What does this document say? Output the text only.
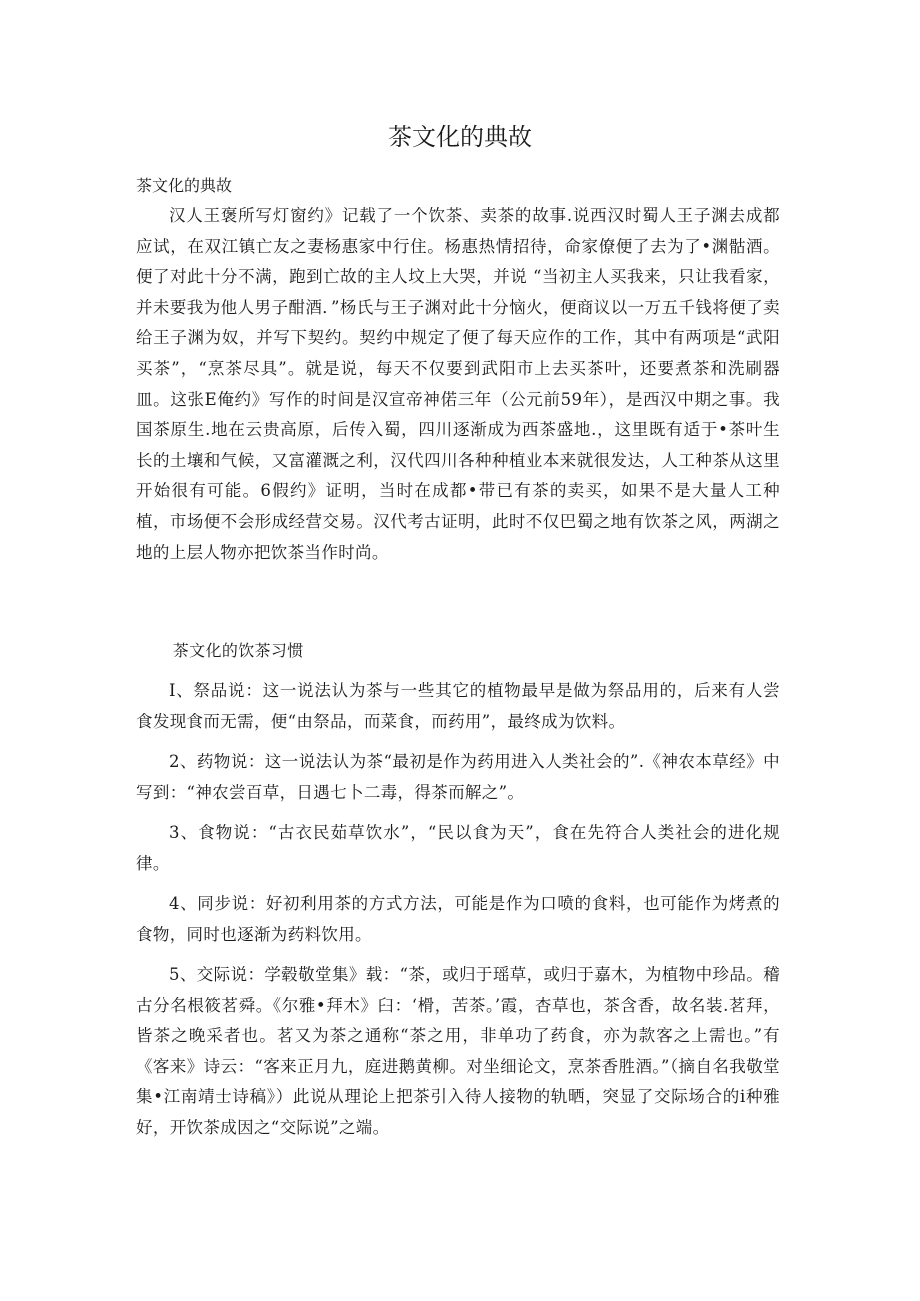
茶文化的典故

茶文化的典故

汉人王褒所写灯窗约》记载了一个饮茶、卖茶的故事.说西汉时蜀人王子渊去成都应试，在双江镇亡友之妻杨惠家中行住。杨惠热情招待，命家僚便了去为了•渊骷酒。便了对此十分不满，跑到亡故的主人坟上大哭，并说 “当初主人买我来，只让我看家，并未要我为他人男子酣酒．”杨氏与王子渊对此十分恼火，便商议以一万五千钱将便了卖给王子渊为奴，并写下契约。契约中规定了便了每天应作的工作，其中有两项是“武阳买茶”，“烹茶尽具”。就是说，每天不仅要到武阳市上去买茶叶，还要煮茶和洗刷器皿。这张E俺约》写作的时间是汉宣帝神偌三年（公元前59年），是西汉中期之事。我国茶原生.地在云贵高原，后传入蜀，四川逐渐成为西茶盛地.，这里既有适于•茶叶生长的土壤和气候，又富灌溉之利，汉代四川各种种植业本来就很发达，人工种茶从这里开始很有可能。6假约》证明，当时在成都•带已有茶的卖买，如果不是大量人工种植，市场便不会形成经营交易。汉代考古证明，此时不仅巴蜀之地有饮茶之风，两湖之地的上层人物亦把饮茶当作时尚。

茶文化的饮茶习惯

I、祭品说：这一说法认为茶与一些其它的植物最早是做为祭品用的，后来有人尝食发现食而无需，便“由祭品，而菜食，而药用”，最终成为饮料。

2、药物说：这一说法认为茶“最初是作为药用进入人类社会的”.《神农本草经》中写到：“神农尝百草，日遇七卜二毒，得茶而解之”。

3、食物说：“古衣民茹草饮水”，“民以食为天”，食在先符合人类社会的进化规律。

4、同步说：好初利用茶的方式方法，可能是作为口喷的食料，也可能作为烤煮的食物，同时也逐渐为药料饮用。

5、交际说：学毂敬堂集》载：“茶，或归于瑶草，或归于嘉木，为植物中珍品。稽古分名根筱茗舜。《尔雅•拜木》臼：‘榾，苦茶。’霞，杏草也，茶含香，故名装.茗拜，皆茶之晚采者也。茗又为茶之通称“茶之用，非单功了药食，亦为款客之上需也。”有《客来》诗云：“客来正月九，庭进鹅黄柳。对坐细论文，烹茶香胜酒。”（摘自名我敬堂集•江南靖士诗稿》）此说从理论上把茶引入待人接物的轨晒，突显了交际场合的i种雅好，开饮茶成因之“交际说”之端。
